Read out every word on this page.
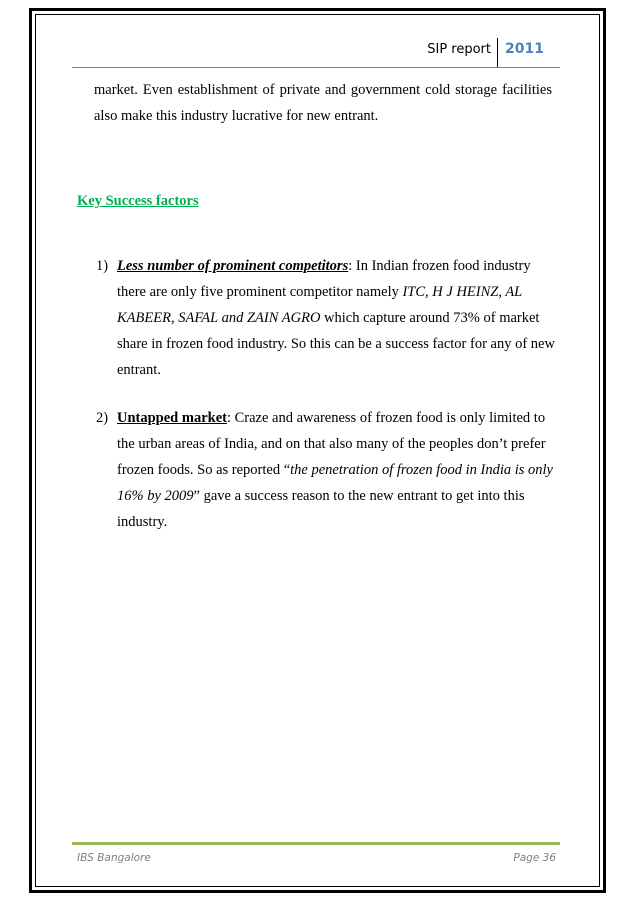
SIP report 2011
market. Even establishment of private and government cold storage facilities also make this industry lucrative for new entrant.
Key Success factors
1) Less number of prominent competitors: In Indian frozen food industry there are only five prominent competitor namely ITC, H J HEINZ, AL KABEER, SAFAL and ZAIN AGRO which capture around 73% of market share in frozen food industry. So this can be a success factor for any of new entrant.
2) Untapped market: Craze and awareness of frozen food is only limited to the urban areas of India, and on that also many of the peoples don’t prefer frozen foods. So as reported “the penetration of frozen food in India is only 16% by 2009” gave a success reason to the new entrant to get into this industry.
IBS Bangalore	Page 36
